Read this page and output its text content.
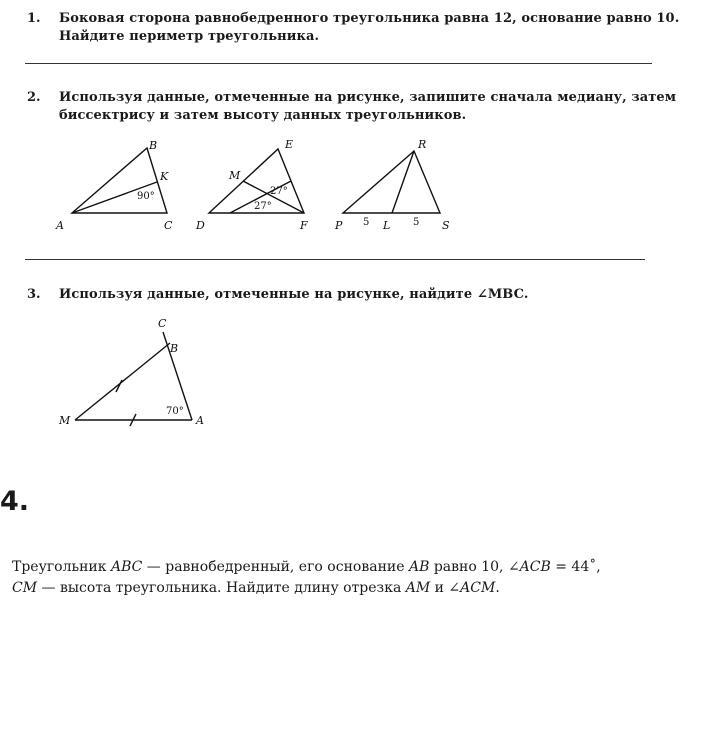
1. Боковая сторона равнобедренного треугольника равна 12, основание равно 10.
Найдите периметр треугольника.
2. Используя данные, отмеченные на рисунке, запишите сначала медиану, затем
биссектрису и затем высоту данных треугольников.
A
B
C
K
90°
D
E
F
M
27°
27°
P
R
S
L
5	5
3. Используя данные, отмеченные на рисунке, найдите ∠MBC.
C
B
M	A
70°
4.
Треугольник ABC — равнобедренный, его основание AB равно 10, ∠ACB = 44˚,
CM — высота треугольника. Найдите длину отрезка AM и ∠ACM.
